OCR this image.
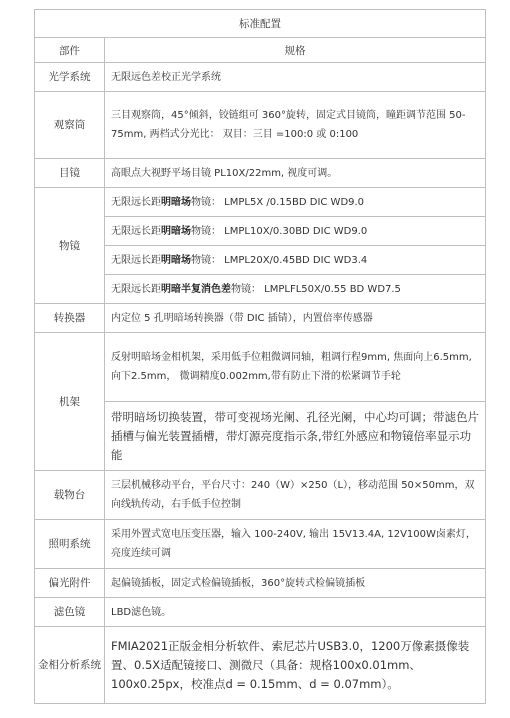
标准配置	
部件	规格
光学系统	无限远色差校正光学系统
观察筒	三目观察筒，45°倾斜，铰链组可 360°旋转，固定式目镜筒，瞳距调节范围 50-75mm, 两档式分光比： 双目：三目 =100:0 或 0:100
目镜	高眼点大视野平场目镜 PL10X/22mm, 视度可调。
物镜	无限远长距明暗场物镜： LMPL5X /0.15BD DIC WD9.0
	无限远长距明暗场物镜： LMPL10X/0.30BD DIC WD9.0
	无限远长距明暗场物镜： LMPL20X/0.45BD DIC WD3.4
	无限远长距明暗半复消色差物镜： LMPLFL50X/0.55 BD WD7.5
转换器	内定位 5 孔明暗场转换器（带 DIC 插锖），内置倍率传感器
机架	反射明暗场金相机架，采用低手位粗微调同轴，粗调行程9mm, 焦面向上6.5mm,向下2.5mm， 微调精度0.002mm,带有防止下滑的松紧调节手轮
	带明暗场切换装置，带可变视场光阑、孔径光阑，中心均可调；带滤色片插槽与偏光装置插槽，带灯源亮度指示条,带红外感应和物镜倍率显示功能
载物台	三层机械移动平台，平台尺寸：240（W）×250（L），移动范围 50×50mm，双向线轨传动，右手低手位控制
照明系统	采用外置式宽电压变压器，输入 100-240V, 输出 15V13.4A, 12V100W卤素灯，亮度连续可调
偏光附件	起偏镜插板，固定式检偏镜插板，360°旋转式检偏镜插板
滤色镜	LBD滤色镜。
金相分析系统	FMIA2021正版金相分析软件、索尼芯片USB3.0，1200万像素摄像装置、0.5X适配镜接口、测微尺（具备：规格100x0.01mm、100x0.25px，校准点d = 0.15mm、d = 0.07mm）。
